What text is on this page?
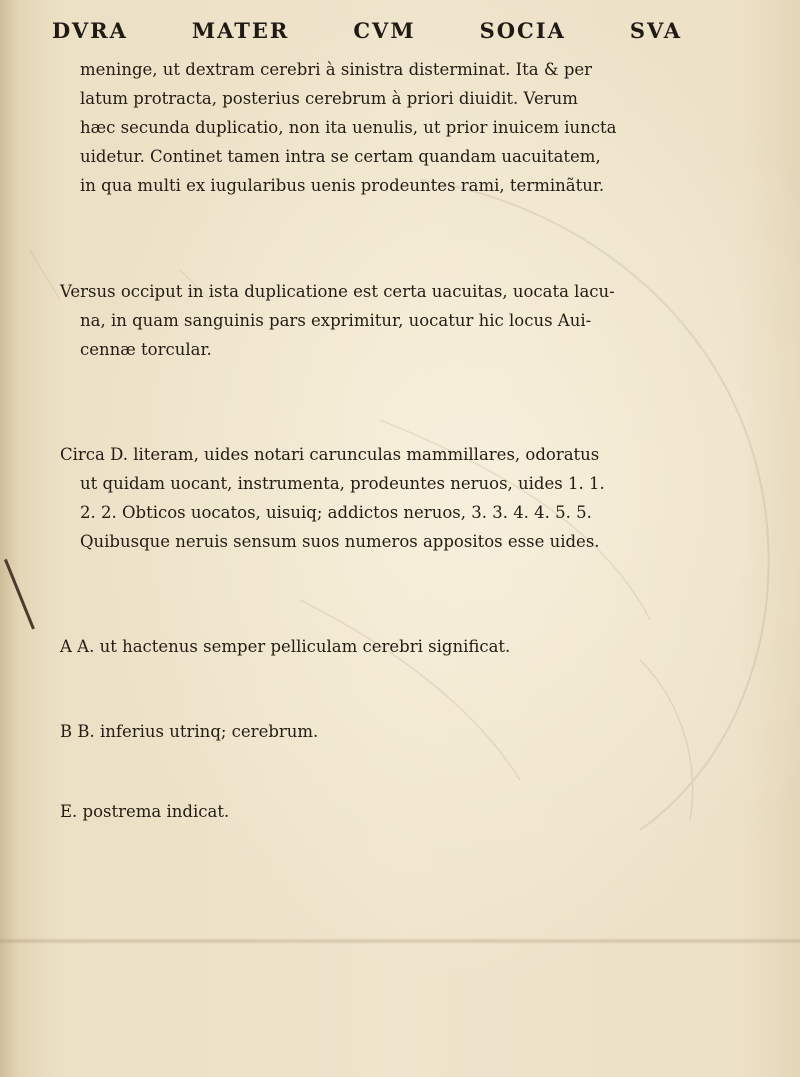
DVRA	MATER	CVM	SOCIA	SVA
meninge, ut dextram cerebri à sinistra disterminat. Ita & per
latum protracta, posterius cerebrum à priori diuidit. Verum
hæc secunda duplicatio, non ita uenulis, ut prior inuicem iuncta
uidetur. Continet tamen intra se certam quandam uacuitatem,
in qua multi ex iugularibus uenis prodeuntes rami, terminãtur.
Versus occiput in ista duplicatione est certa uacuitas, uocata lacu-
na, in quam sanguinis pars exprimitur, uocatur hic locus Aui-
cennæ torcular.
Circa D. literam, uides notari carunculas mammillares, odoratus
ut quidam uocant, instrumenta, prodeuntes neruos, uides 1. 1.
2. 2. Obticos uocatos, uisuiq; addictos neruos, 3. 3. 4. 4. 5. 5.
Quibusque neruis sensum suos numeros appositos esse uides.
A A. ut hactenus semper pelliculam cerebri significat.
B B. inferius utrinq; cerebrum.
E. postrema indicat.
